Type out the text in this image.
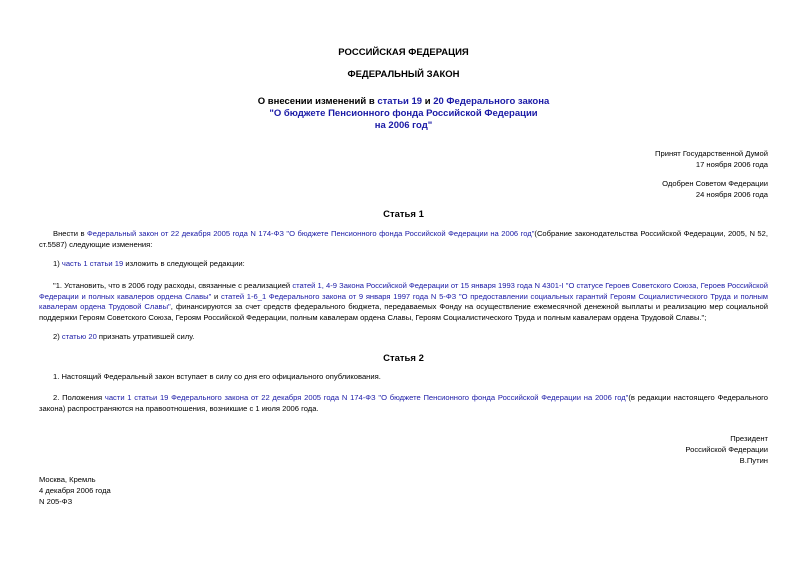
РОССИЙСКАЯ ФЕДЕРАЦИЯ
ФЕДЕРАЛЬНЫЙ ЗАКОН
О внесении изменений в статьи 19 и 20 Федерального закона
"О бюджете Пенсионного фонда Российской Федерации
на 2006 год"
Принят Государственной Думой
17 ноября 2006 года
Одобрен Советом Федерации
24 ноября 2006 года
Статья 1
Внести в Федеральный закон от 22 декабря 2005 года N 174-ФЗ "О бюджете Пенсионного фонда Российской Федерации на 2006 год"(Собрание законодательства Российской Федерации, 2005, N 52, ст.5587) следующие изменения:
1) часть 1 статьи 19 изложить в следующей редакции:
"1. Установить, что в 2006 году расходы, связанные с реализацией статей 1, 4-9 Закона Российской Федерации от 15 января 1993 года N 4301-I "О статусе Героев Советского Союза, Героев Российской Федерации и полных кавалеров ордена Славы" и статей 1-6_1 Федерального закона от 9 января 1997 года N 5-ФЗ "О предоставлении социальных гарантий Героям Социалистического Труда и полным кавалерам ордена Трудовой Славы", финансируются за счет средств федерального бюджета, передаваемых Фонду на осуществление ежемесячной денежной выплаты и реализацию мер социальной поддержки Героям Советского Союза, Героям Российской Федерации, полным кавалерам ордена Славы, Героям Социалистического Труда и полным кавалерам ордена Трудовой Славы.";
2) статью 20 признать утратившей силу.
Статья 2
1. Настоящий Федеральный закон вступает в силу со дня его официального опубликования.
2. Положения части 1 статьи 19 Федерального закона от 22 декабря 2005 года N 174-ФЗ "О бюджете Пенсионного фонда Российской Федерации на 2006 год"(в редакции настоящего Федерального закона) распространяются на правоотношения, возникшие с 1 июля 2006 года.
Президент
Российской Федерации
В.Путин
Москва, Кремль
4 декабря 2006 года
N 205-ФЗ
